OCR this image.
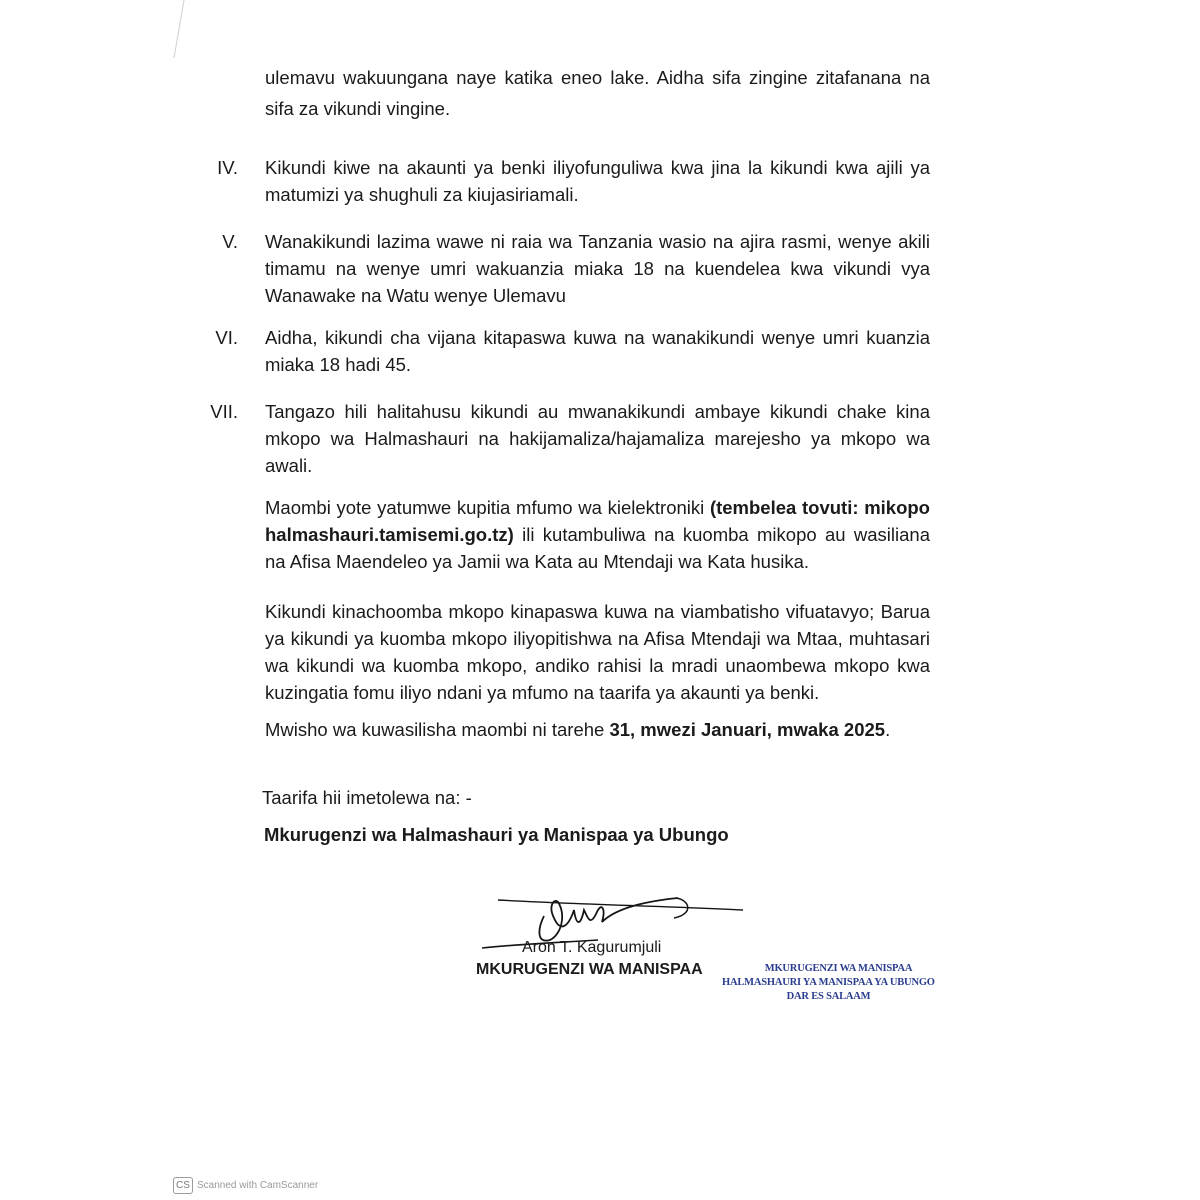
ulemavu wakuungana naye katika eneo lake. Aidha sifa zingine zitafanana na sifa za vikundi vingine.
IV. Kikundi kiwe na akaunti ya benki iliyofunguliwa kwa jina la kikundi kwa ajili ya matumizi ya shughuli za kiujasiriamali.
V. Wanakikundi lazima wawe ni raia wa Tanzania wasio na ajira rasmi, wenye akili timamu na wenye umri wakuanzia miaka 18 na kuendelea kwa vikundi vya Wanawake na Watu wenye Ulemavu
VI. Aidha, kikundi cha vijana kitapaswa kuwa na wanakikundi wenye umri kuanzia miaka 18 hadi 45.
VII. Tangazo hili halitahusu kikundi au mwanakikundi ambaye kikundi chake kina mkopo wa Halmashauri na hakijamaliza/hajamaliza marejesho ya mkopo wa awali.
Maombi yote yatumwe kupitia mfumo wa kielektroniki (tembelea tovuti: mikopo halmashauri.tamisemi.go.tz) ili kutambuliwa na kuomba mikopo au wasiliana na Afisa Maendeleo ya Jamii wa Kata au Mtendaji wa Kata husika.
Kikundi kinachoomba mkopo kinapaswa kuwa na viambatisho vifuatavyo; Barua ya kikundi ya kuomba mkopo iliyopitishwa na Afisa Mtendaji wa Mtaa, muhtasari wa kikundi wa kuomba mkopo, andiko rahisi la mradi unaombewa mkopo kwa kuzingatia fomu iliyo ndani ya mfumo na taarifa ya akaunti ya benki.
Mwisho wa kuwasilisha maombi ni tarehe 31, mwezi Januari, mwaka 2025.
Taarifa hii imetolewa na: -
Mkurugenzi wa Halmashauri ya Manispaa ya Ubungo
Aron T. Kagurumjuli
MKURUGENZI WA MANISPAA	MKURUGENZI WA MANISPAA
HALMASHAURI YA MANISPAA YA UBUNGO
DAR ES SALAAM
CS Scanned with CamScanner
